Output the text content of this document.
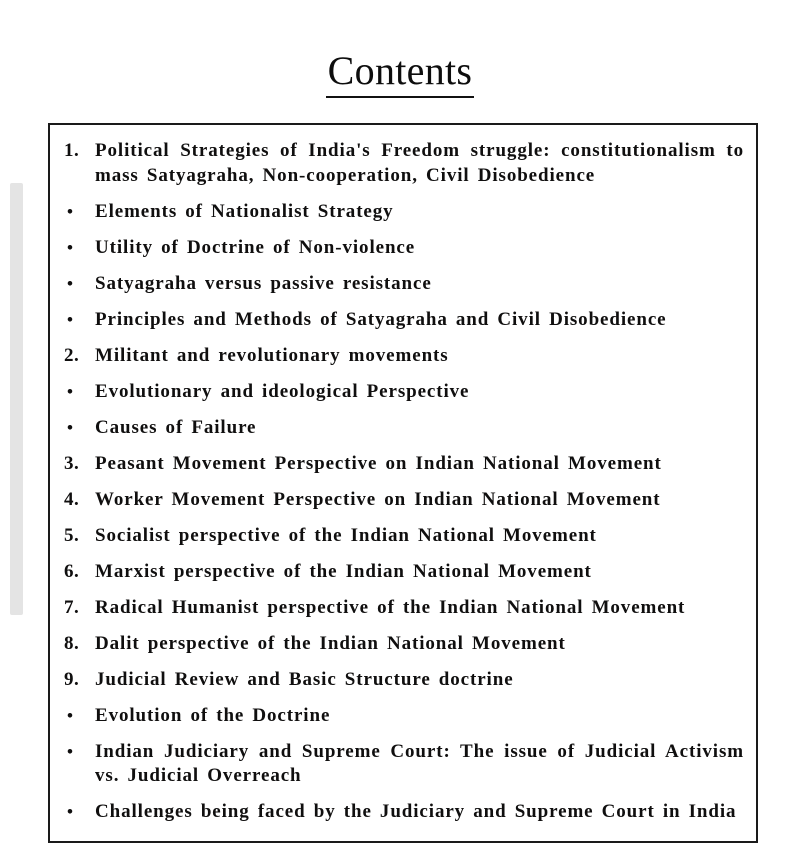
Contents
1. Political Strategies of India's Freedom struggle: constitutionalism to mass Satyagraha, Non-cooperation, Civil Disobedience
•	Elements of Nationalist Strategy
•	Utility of Doctrine of Non-violence
•	Satyagraha versus passive resistance
•	Principles and Methods of Satyagraha and Civil Disobedience
2. Militant and revolutionary movements
•	Evolutionary and ideological Perspective
•	Causes of Failure
3. Peasant Movement Perspective on Indian National Movement
4. Worker Movement Perspective on Indian National Movement
5. Socialist perspective of the Indian National Movement
6. Marxist perspective of the Indian National Movement
7. Radical Humanist perspective of the Indian National Movement
8. Dalit perspective of the Indian National Movement
9. Judicial Review and Basic Structure doctrine
•	Evolution of the Doctrine
•	Indian Judiciary and Supreme Court: The issue of Judicial Activism vs. Judicial Overreach
•	Challenges being faced by the Judiciary and Supreme Court in India
